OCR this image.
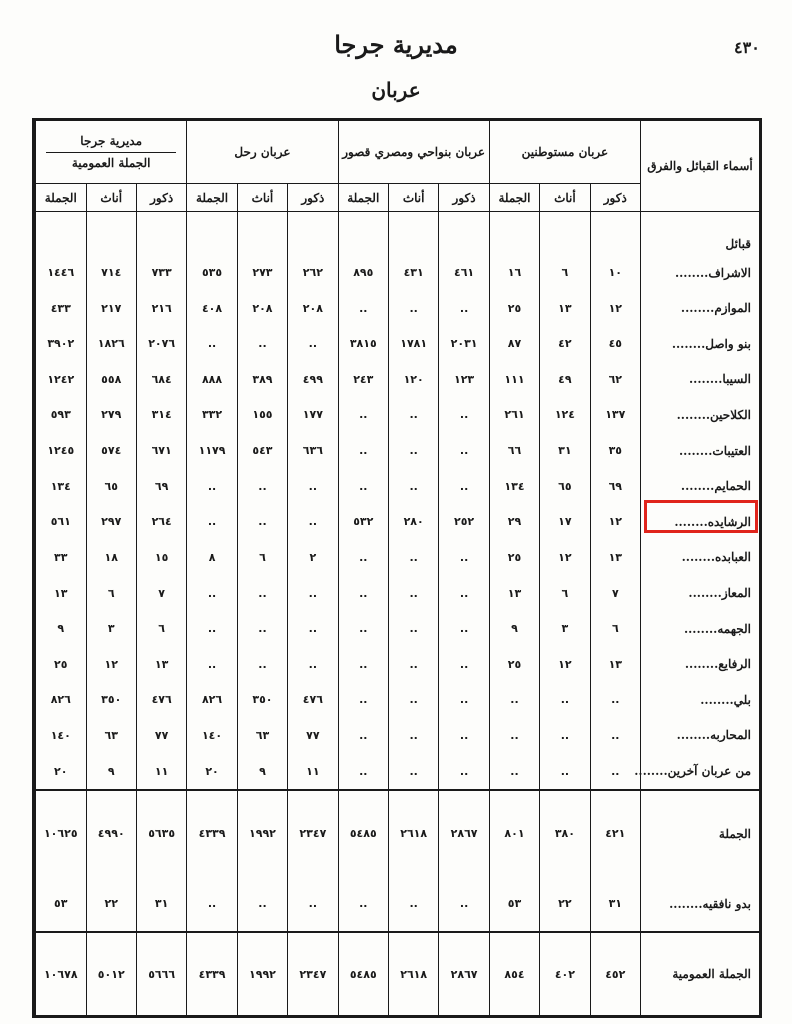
٤٣٠
مديرية جرجا
عربان
أسماء القبائل والفرق	عربان مستوطنين			عربان بنواحي ومصري قصور			عربان رحل			مديرية جرجا
الجملة العمومية		

	ذكور	أناث	الجملة	ذكور	أناث	الجملة	ذكور	أناث	الجملة	ذكور	أناث	الجملة
قبائل												
الاشراف........	١٠	٦	١٦	٤٦١	٤٣١	٨٩٥	٢٦٢	٢٧٣	٥٣٥	٧٣٣	٧١٤	١٤٤٦
الموازم........	١٢	١٣	٢٥	..	..	..	٢٠٨	٢٠٨	٤٠٨	٢١٦	٢١٧	٤٣٣
بنو واصل........	٤٥	٤٢	٨٧	٢٠٣١	١٧٨١	٣٨١٥	..	..	..	٢٠٧٦	١٨٢٦	٣٩٠٢
السيبا........	٦٢	٤٩	١١١	١٢٣	١٢٠	٢٤٣	٤٩٩	٣٨٩	٨٨٨	٦٨٤	٥٥٨	١٢٤٢
الكلاحين........	١٣٧	١٢٤	٢٦١	..	..	..	١٧٧	١٥٥	٣٣٢	٣١٤	٢٧٩	٥٩٣
العتيبات........	٣٥	٣١	٦٦	..	..	..	٦٣٦	٥٤٣	١١٧٩	٦٧١	٥٧٤	١٢٤٥
الحمايم........	٦٩	٦٥	١٣٤	..	..	..	..	..	..	٦٩	٦٥	١٣٤
الرشايده........	١٢	١٧	٢٩	٢٥٢	٢٨٠	٥٣٢	..	..	..	٢٦٤	٢٩٧	٥٦١
العبابده........	١٣	١٢	٢٥	..	..	..	٢	٦	٨	١٥	١٨	٣٣
المعاز........	٧	٦	١٣	..	..	..	..	..	..	٧	٦	١٣
الجهمه........	٦	٣	٩	..	..	..	..	..	..	٦	٣	٩
الرفايع........	١٣	١٢	٢٥	..	..	..	..	..	..	١٣	١٢	٢٥
بلي........	..	..	..	..	..	..	٤٧٦	٣٥٠	٨٢٦	٤٧٦	٣٥٠	٨٢٦
المحاربه........	..	..	..	..	..	..	٧٧	٦٣	١٤٠	٧٧	٦٣	١٤٠
من عربان آخرين........	..	..	..	..	..	..	١١	٩	٢٠	١١	٩	٢٠
الجملة	٤٢١	٣٨٠	٨٠١	٢٨٦٧	٢٦١٨	٥٤٨٥	٢٣٤٧	١٩٩٢	٤٣٣٩	٥٦٣٥	٤٩٩٠	١٠٦٢٥
بدو نافقيه........	٣١	٢٢	٥٣	..	..	..	..	..	..	٣١	٢٢	٥٣
الجملة العمومية	٤٥٢	٤٠٢	٨٥٤	٢٨٦٧	٢٦١٨	٥٤٨٥	٢٣٤٧	١٩٩٢	٤٣٣٩	٥٦٦٦	٥٠١٢	١٠٦٧٨
